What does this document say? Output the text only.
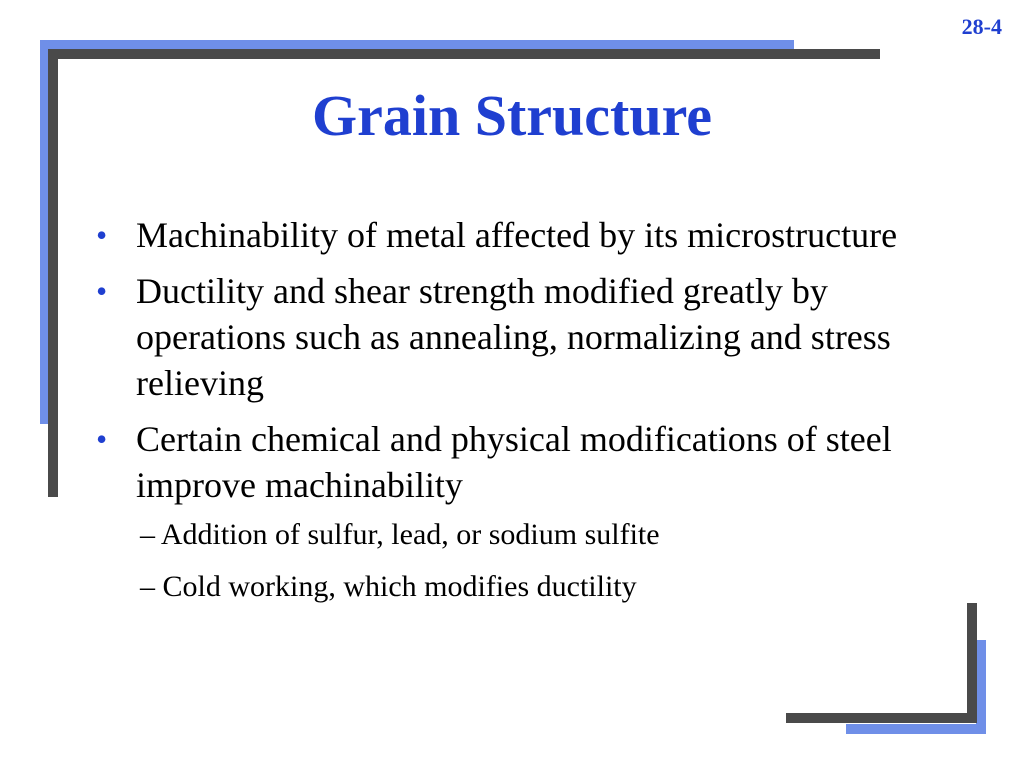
28-4
Grain Structure
• Machinability of metal affected by its microstructure
• Ductility and shear strength modified greatly by operations such as annealing, normalizing and stress relieving
• Certain chemical and physical modifications of steel improve machinability
– Addition of sulfur, lead, or sodium sulfite
– Cold working, which modifies ductility
